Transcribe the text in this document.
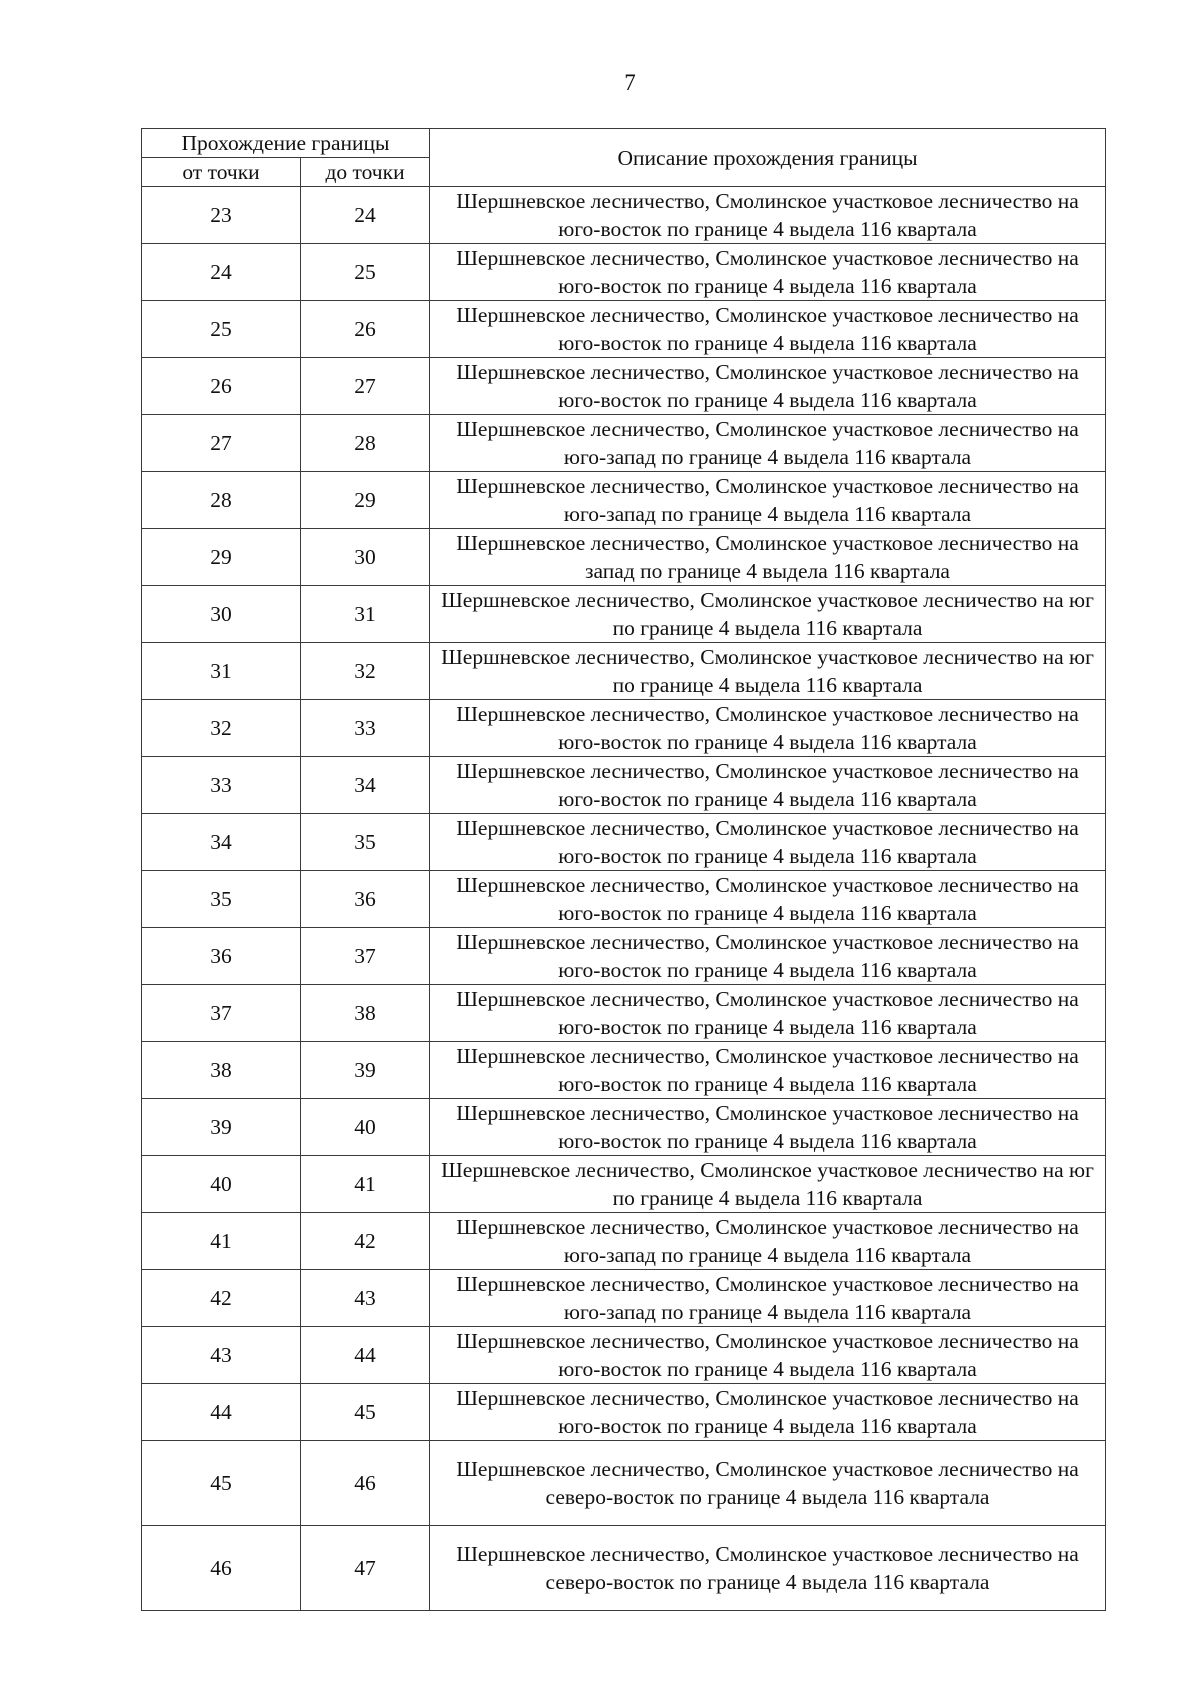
7
Прохождение границы		Описание прохождения границы
от точки	до точки	
23	24	Шершневское лесничество, Смолинское участковое лесничество на юго-восток по границе 4 выдела 116 квартала
24	25	Шершневское лесничество, Смолинское участковое лесничество на юго-восток по границе 4 выдела 116 квартала
25	26	Шершневское лесничество, Смолинское участковое лесничество на юго-восток по границе 4 выдела 116 квартала
26	27	Шершневское лесничество, Смолинское участковое лесничество на юго-восток по границе 4 выдела 116 квартала
27	28	Шершневское лесничество, Смолинское участковое лесничество на юго-запад по границе 4 выдела 116 квартала
28	29	Шершневское лесничество, Смолинское участковое лесничество на юго-запад по границе 4 выдела 116 квартала
29	30	Шершневское лесничество, Смолинское участковое лесничество на запад по границе 4 выдела 116 квартала
30	31	Шершневское лесничество, Смолинское участковое лесничество на юг по границе 4 выдела 116 квартала
31	32	Шершневское лесничество, Смолинское участковое лесничество на юг по границе 4 выдела 116 квартала
32	33	Шершневское лесничество, Смолинское участковое лесничество на юго-восток по границе 4 выдела 116 квартала
33	34	Шершневское лесничество, Смолинское участковое лесничество на юго-восток по границе 4 выдела 116 квартала
34	35	Шершневское лесничество, Смолинское участковое лесничество на юго-восток по границе 4 выдела 116 квартала
35	36	Шершневское лесничество, Смолинское участковое лесничество на юго-восток по границе 4 выдела 116 квартала
36	37	Шершневское лесничество, Смолинское участковое лесничество на юго-восток по границе 4 выдела 116 квартала
37	38	Шершневское лесничество, Смолинское участковое лесничество на юго-восток по границе 4 выдела 116 квартала
38	39	Шершневское лесничество, Смолинское участковое лесничество на юго-восток по границе 4 выдела 116 квартала
39	40	Шершневское лесничество, Смолинское участковое лесничество на юго-восток по границе 4 выдела 116 квартала
40	41	Шершневское лесничество, Смолинское участковое лесничество на юг по границе 4 выдела 116 квартала
41	42	Шершневское лесничество, Смолинское участковое лесничество на юго-запад по границе 4 выдела 116 квартала
42	43	Шершневское лесничество, Смолинское участковое лесничество на юго-запад по границе 4 выдела 116 квартала
43	44	Шершневское лесничество, Смолинское участковое лесничество на юго-восток по границе 4 выдела 116 квартала
44	45	Шершневское лесничество, Смолинское участковое лесничество на юго-восток по границе 4 выдела 116 квартала
45	46	Шершневское лесничество, Смолинское участковое лесничество на северо-восток по границе 4 выдела 116 квартала
46	47	Шершневское лесничество, Смолинское участковое лесничество на северо-восток по границе 4 выдела 116 квартала
